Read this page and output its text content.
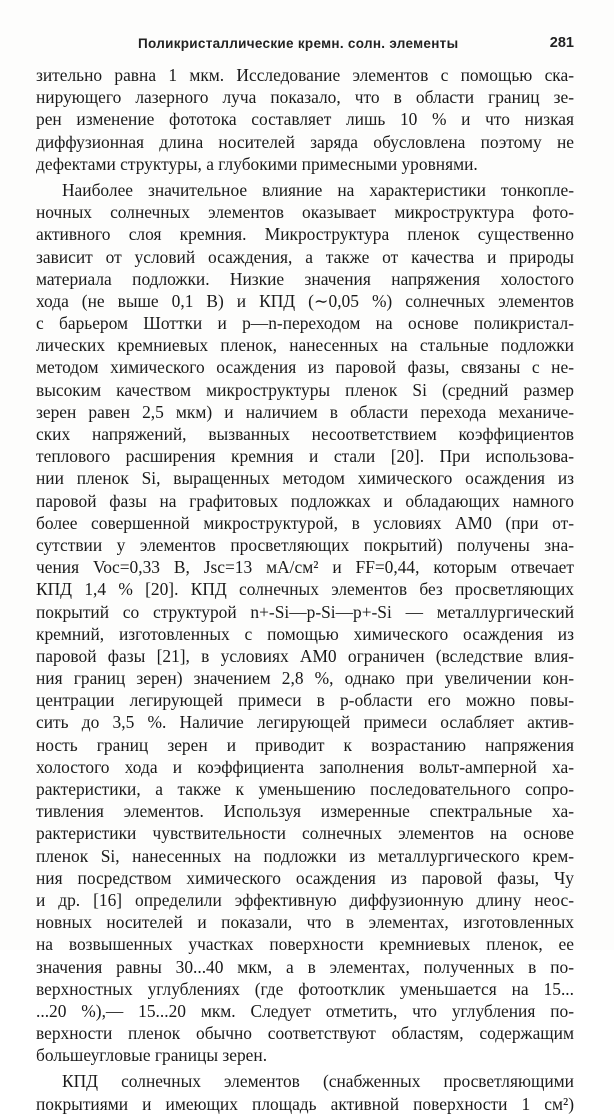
Поликристаллические кремн. солн. элементы	281
зительно равна 1 мкм. Исследование элементов с помощью ска-
нирующего лазерного луча показало, что в области границ зе-
рен изменение фототока составляет лишь 10 % и что низкая
диффузионная длина носителей заряда обусловлена поэтому не
дефектами структуры, а глубокими примесными уровнями.
Наиболее значительное влияние на характеристики тонкопле-
ночных солнечных элементов оказывает микроструктура фото-
активного слоя кремния. Микроструктура пленок существенно
зависит от условий осаждения, а также от качества и природы
материала подложки. Низкие значения напряжения холостого
хода (не выше 0,1 В) и КПД (∼0,05 %) солнечных элементов
с барьером Шоттки и p—n-переходом на основе поликристал-
лических кремниевых пленок, нанесенных на стальные подложки
методом химического осаждения из паровой фазы, связаны с не-
высоким качеством микроструктуры пленок Si (средний размер
зерен равен 2,5 мкм) и наличием в области перехода механиче-
ских напряжений, вызванных несоответствием коэффициентов
теплового расширения кремния и стали [20]. При использова-
нии пленок Si, выращенных методом химического осаждения из
паровой фазы на графитовых подложках и обладающих намного
более совершенной микроструктурой, в условиях АМ0 (при от-
сутствии у элементов просветляющих покрытий) получены зна-
чения Voc=0,33 В, Jsc=13 мА/см² и FF=0,44, которым отвечает
КПД 1,4 % [20]. КПД солнечных элементов без просветляющих
покрытий со структурой n+-Si—p-Si—p+-Si — металлургический
кремний, изготовленных с помощью химического осаждения из
паровой фазы [21], в условиях АМ0 ограничен (вследствие влия-
ния границ зерен) значением 2,8 %, однако при увеличении кон-
центрации легирующей примеси в p-области его можно повы-
сить до 3,5 %. Наличие легирующей примеси ослабляет актив-
ность границ зерен и приводит к возрастанию напряжения
холостого хода и коэффициента заполнения вольт-амперной ха-
рактеристики, а также к уменьшению последовательного сопро-
тивления элементов. Используя измеренные спектральные ха-
рактеристики чувствительности солнечных элементов на основе
пленок Si, нанесенных на подложки из металлургического крем-
ния посредством химического осаждения из паровой фазы, Чу
и др. [16] определили эффективную диффузионную длину неос-
новных носителей и показали, что в элементах, изготовленных
на возвышенных участках поверхности кремниевых пленок, ее
значения равны 30...40 мкм, а в элементах, полученных в по-
верхностных углублениях (где фотоотклик уменьшается на 15...
...20 %),— 15...20 мкм. Следует отметить, что углубления по-
верхности пленок обычно соответствуют областям, содержащим
большеугловые границы зерен.
КПД солнечных элементов (снабженных просветляющими
покрытиями и имеющих площадь активной поверхности 1 см²)
